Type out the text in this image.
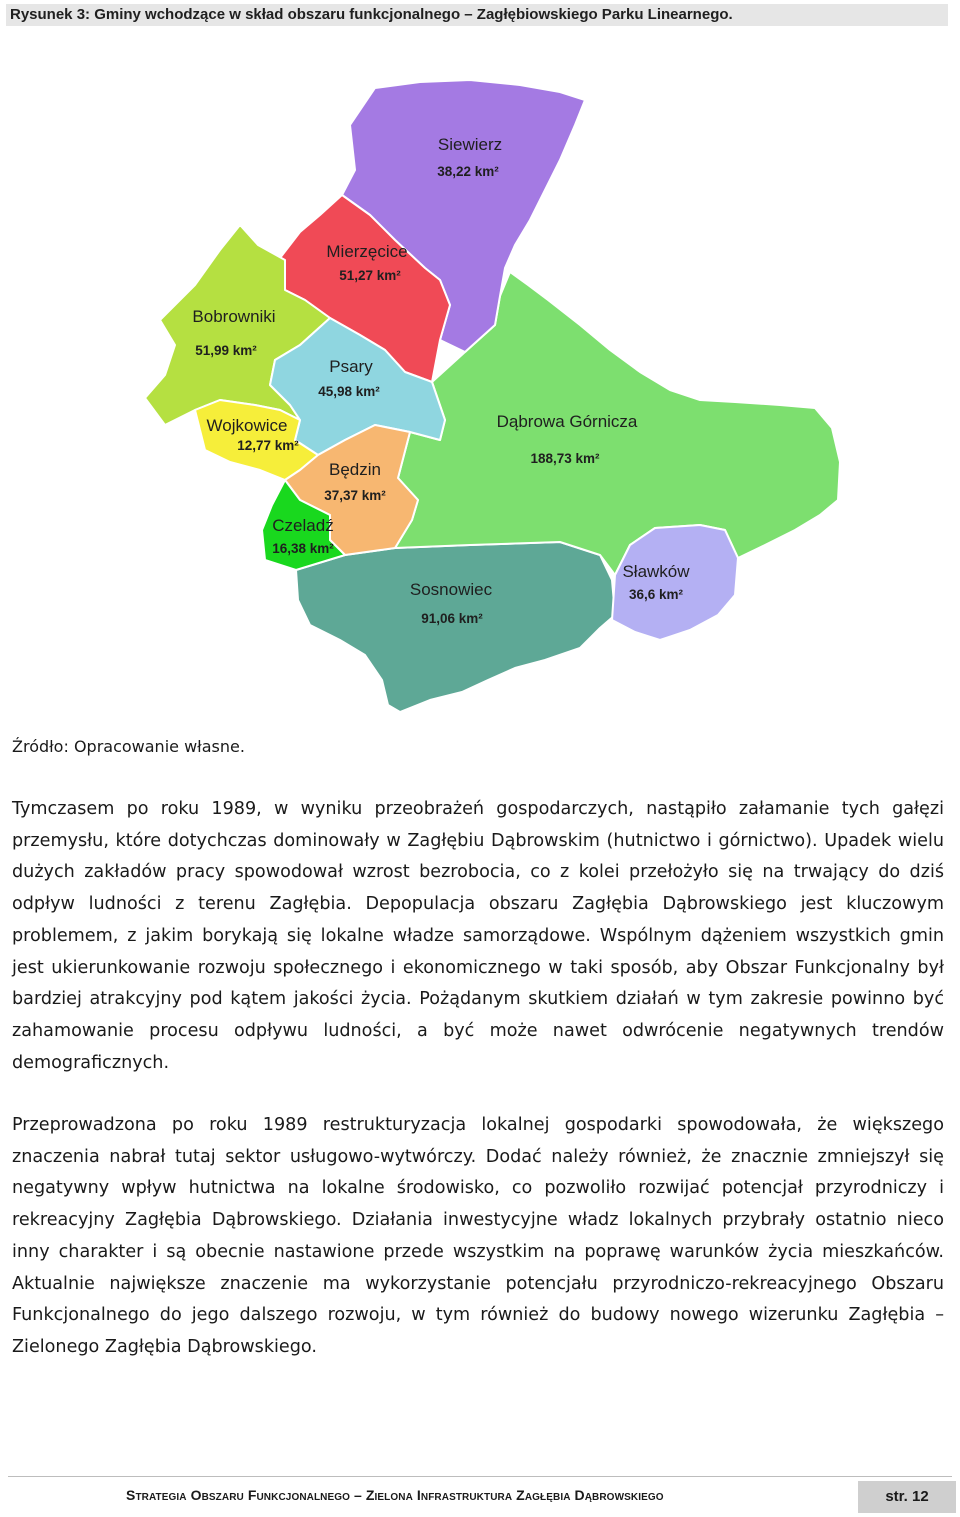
Rysunek 3: Gminy wchodzące w skład obszaru funkcjonalnego – Zagłębiowskiego Parku Linearnego.
Siewierz
38,22 km²
Mierzęcice
51,27 km²
Bobrowniki
51,99 km²
Psary
45,98 km²
Wojkowice
12,77 km²
Będzin
37,37 km²
Czeladź
16,38 km²
Dąbrowa Górnicza
188,73 km²
Sławków
36,6 km²
Sosnowiec
91,06 km²
Źródło: Opracowanie własne.

Tymczasem po roku 1989, w wyniku przeobrażeń gospodarczych, nastąpiło załamanie tych gałęzi przemysłu, które dotychczas dominowały w Zagłębiu Dąbrowskim (hutnictwo i górnictwo). Upadek wielu dużych zakładów pracy spowodował wzrost bezrobocia, co z kolei przełożyło się na trwający do dziś odpływ ludności z terenu Zagłębia. Depopulacja obszaru Zagłębia Dąbrowskiego jest kluczowym problemem, z jakim borykają się lokalne władze samorządowe. Wspólnym dążeniem wszystkich gmin jest ukierunkowanie rozwoju społecznego i ekonomicznego w taki sposób, aby Obszar Funkcjonalny był bardziej atrakcyjny pod kątem jakości życia. Pożądanym skutkiem działań w tym zakresie powinno być zahamowanie procesu odpływu ludności, a być może nawet odwrócenie negatywnych trendów demograficznych.

Przeprowadzona po roku 1989 restrukturyzacja lokalnej gospodarki spowodowała, że większego znaczenia nabrał tutaj sektor usługowo-wytwórczy. Dodać należy również, że znacznie zmniejszył się negatywny wpływ hutnictwa na lokalne środowisko, co pozwoliło rozwijać potencjał przyrodniczy i rekreacyjny Zagłębia Dąbrowskiego. Działania inwestycyjne władz lokalnych przybrały ostatnio nieco inny charakter i są obecnie nastawione przede wszystkim na poprawę warunków życia mieszkańców. Aktualnie największe znaczenie ma wykorzystanie potencjału przyrodniczo-rekreacyjnego Obszaru Funkcjonalnego do jego dalszego rozwoju, w tym również do budowy nowego wizerunku Zagłębia – Zielonego Zagłębia Dąbrowskiego.

Strategia Obszaru Funkcjonalnego – Zielona Infrastruktura Zagłębia Dąbrowskiego	str. 12
